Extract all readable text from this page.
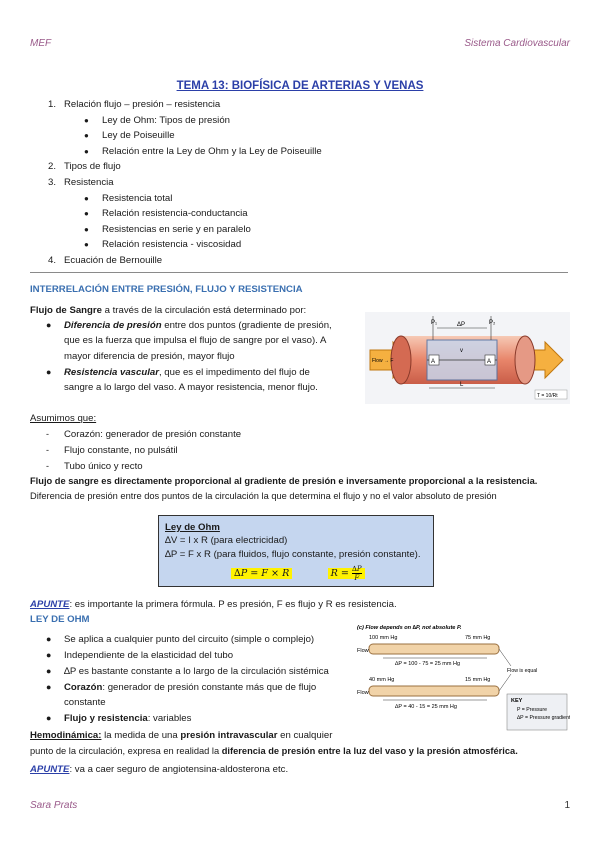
MEF	Sistema Cardiovascular
TEMA 13: BIOFÍSICA DE ARTERIAS Y VENAS
1. Relación flujo – presión – resistencia
● Ley de Ohm: Tipos de presión
● Ley de Poiseuille
● Relación entre la Ley de Ohm y la Ley de Poiseuille
2. Tipos de flujo
3. Resistencia
● Resistencia total
● Relación resistencia-conductancia
● Resistencias en serie y en paralelo
● Relación resistencia - viscosidad
4. Ecuación de Bernouille
INTERRELACIÓN ENTRE PRESIÓN, FLUJO Y RESISTENCIA
Flujo de Sangre a través de la circulación está determinado por:
● Diferencia de presión entre dos puntos (gradiente de presión,
que es la fuerza que impulsa el flujo de sangre por el vaso). A
mayor diferencia de presión, mayor flujo
● Resistencia vascular, que es el impedimento del flujo de
sangre a lo largo del vaso. A mayor resistencia, menor flujo.
P₁	P₂
ΔP
Flow → F	A	A
v
L
T = 10/Rt
Asumimos que:
- Corazón: generador de presión constante
- Flujo constante, no pulsátil
- Tubo único y recto
Flujo de sangre es directamente proporcional al gradiente de presión e inversamente proporcional a la resistencia.
Diferencia de presión entre dos puntos de la circulación la que determina el flujo y no el valor absoluto de presión
Ley de Ohm
∆V = I x R (para electricidad)
∆P = F x R (para fluidos, flujo constante, presión constante).
∆P = F × R	$R = \frac{\Delta P}{F}$
APUNTE: es importante la primera fórmula. P es presión, F es flujo y R es resistencia.
LEY DE OHM
● Se aplica a cualquier punto del circuito (simple o complejo)
● Independiente de la elasticidad del tubo
● ∆P es bastante constante a lo largo de la circulación sistémica
● Corazón: generador de presión constante más que de flujo
constante
● Flujo y resistencia: variables
(c) Flow depends on ∆P, not absolute P.
100 mm Hg	75 mm Hg
Flow
∆P = 100 - 75 = 25 mm Hg
40 mm Hg	15 mm Hg
Flow
∆P = 40 - 15 = 25 mm Hg
Flow is equal
KEY
P = Pressure
∆P = Pressure gradient
Hemodinámica: la medida de una presión intravascular en cualquier
punto de la circulación, expresa en realidad la diferencia de presión entre la luz del vaso y la presión atmosférica.
APUNTE: va a caer seguro de angiotensina-aldosterona etc.
Sara Prats	1
